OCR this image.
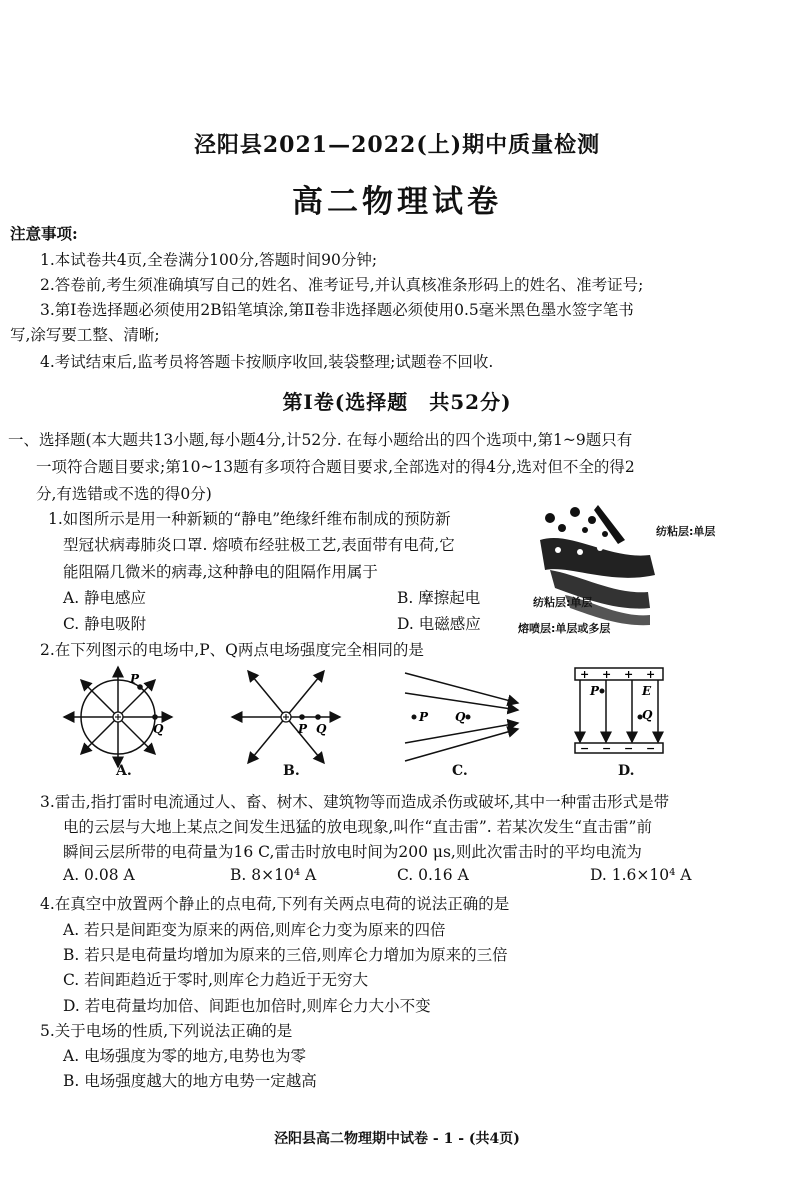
泾阳县2021—2022(上)期中质量检测
高二物理试卷
注意事项:
1.本试卷共4页,全卷满分100分,答题时间90分钟;
2.答卷前,考生须准确填写自己的姓名、准考证号,并认真核准条形码上的姓名、准考证号;
3.第Ⅰ卷选择题必须使用2B铅笔填涂,第Ⅱ卷非选择题必须使用0.5毫米黑色墨水签字笔书
写,涂写要工整、清晰;
4.考试结束后,监考员将答题卡按顺序收回,装袋整理;试题卷不回收.
第Ⅰ卷(选择题　共52分)
一、选择题(本大题共13小题,每小题4分,计52分. 在每小题给出的四个选项中,第1~9题只有
一项符合题目要求;第10~13题有多项符合题目要求,全部选对的得4分,选对但不全的得2
分,有选错或不选的得0分)
1.如图所示是用一种新颖的“静电”绝缘纤维布制成的预防新
型冠状病毒肺炎口罩. 熔喷布经驻极工艺,表面带有电荷,它
能阻隔几微米的病毒,这种静电的阻隔作用属于
A. 静电感应	B. 摩擦起电
C. 静电吸附	D. 电磁感应
纺粘层:单层
纺粘层:单层
熔喷层:单层或多层
2.在下列图示的电场中,P、Q两点电场强度完全相同的是
P
Q
A.
P Q
B.
P Q
C.
+ + + +
− − − −
P
Q
E
D.
3.雷击,指打雷时电流通过人、畜、树木、建筑物等而造成杀伤或破坏,其中一种雷击形式是带
电的云层与大地上某点之间发生迅猛的放电现象,叫作“直击雷”. 若某次发生“直击雷”前
瞬间云层所带的电荷量为16 C,雷击时放电时间为200 μs,则此次雷击时的平均电流为
A. 0.08 A	B. 8×10⁴ A	C. 0.16 A	D. 1.6×10⁴ A
4.在真空中放置两个静止的点电荷,下列有关两点电荷的说法正确的是
A. 若只是间距变为原来的两倍,则库仑力变为原来的四倍
B. 若只是电荷量均增加为原来的三倍,则库仑力增加为原来的三倍
C. 若间距趋近于零时,则库仑力趋近于无穷大
D. 若电荷量均加倍、间距也加倍时,则库仑力大小不变
5.关于电场的性质,下列说法正确的是
A. 电场强度为零的地方,电势也为零
B. 电场强度越大的地方电势一定越高
泾阳县高二物理期中试卷 - 1 - (共4页)
